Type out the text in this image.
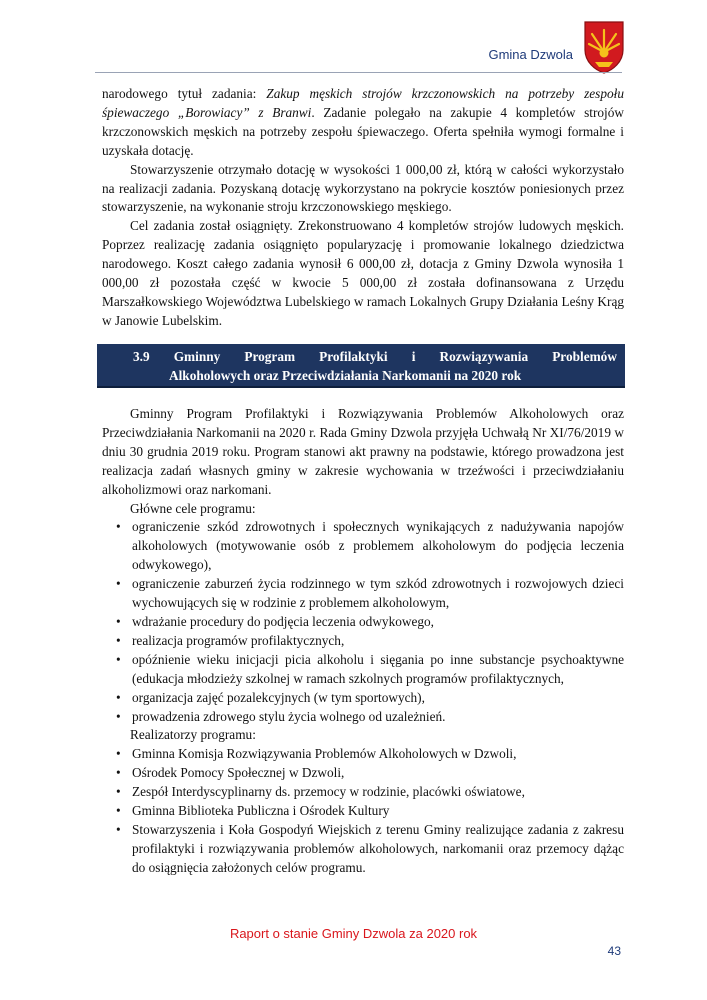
Gmina Dzwola

narodowego tytuł zadania: Zakup męskich strojów krzczonowskich na potrzeby zespołu śpiewaczego „Borowiacy” z Branwi. Zadanie polegało na zakupie 4 kompletów strojów krzczonowskich męskich na potrzeby zespołu śpiewaczego. Oferta spełniła wymogi formalne i uzyskała dotację.

Stowarzyszenie otrzymało dotację w wysokości 1 000,00 zł, którą w całości wykorzystało na realizacji zadania. Pozyskaną dotację wykorzystano na pokrycie kosztów poniesionych przez stowarzyszenie, na wykonanie stroju krzczonowskiego męskiego.

Cel zadania został osiągnięty. Zrekonstruowano 4 kompletów strojów ludowych męskich. Poprzez realizację zadania osiągnięto popularyzację i promowanie lokalnego dziedzictwa narodowego. Koszt całego zadania wynosił 6 000,00 zł, dotacja z Gminy Dzwola wynosiła 1 000,00 zł pozostała część w kwocie 5 000,00 zł została dofinansowana z Urzędu Marszałkowskiego Województwa Lubelskiego w ramach Lokalnych Grupy Działania Leśny Krąg w Janowie Lubelskim.

3.9 Gminny Program Profilaktyki i Rozwiązywania Problemów
Alkoholowych oraz Przeciwdziałania Narkomanii na 2020 rok

Gminny Program Profilaktyki i Rozwiązywania Problemów Alkoholowych oraz Przeciwdziałania Narkomanii na 2020 r. Rada Gminy Dzwola przyjęła Uchwałą Nr XI/76/2019 w dniu 30 grudnia 2019 roku. Program stanowi akt prawny na podstawie, którego prowadzona jest realizacja zadań własnych gminy w zakresie wychowania w trzeźwości i przeciwdziałaniu alkoholizmowi oraz narkomani.

Główne cele programu:

• ograniczenie szkód zdrowotnych i społecznych wynikających z nadużywania napojów alkoholowych (motywowanie osób z problemem alkoholowym do podjęcia leczenia odwykowego),
• ograniczenie zaburzeń życia rodzinnego w tym szkód zdrowotnych i rozwojowych dzieci wychowujących się w rodzinie z problemem alkoholowym,
• wdrażanie procedury do podjęcia leczenia odwykowego,
• realizacja programów profilaktycznych,
• opóźnienie wieku inicjacji picia alkoholu i sięgania po inne substancje psychoaktywne (edukacja młodzieży szkolnej w ramach szkolnych programów profilaktycznych,
• organizacja zajęć pozalekcyjnych (w tym sportowych),
• prowadzenia zdrowego stylu życia wolnego od uzależnień.

Realizatorzy programu:

• Gminna Komisja Rozwiązywania Problemów Alkoholowych w Dzwoli,
• Ośrodek Pomocy Społecznej w Dzwoli,
• Zespół Interdyscyplinarny ds. przemocy w rodzinie, placówki oświatowe,
• Gminna Biblioteka Publiczna i Ośrodek Kultury
• Stowarzyszenia i Koła Gospodyń Wiejskich z terenu Gminy realizujące zadania z zakresu profilaktyki i rozwiązywania problemów alkoholowych, narkomanii oraz przemocy dążąc do osiągnięcia założonych celów programu.
Raport o stanie Gminy Dzwola za 2020 rok
43
